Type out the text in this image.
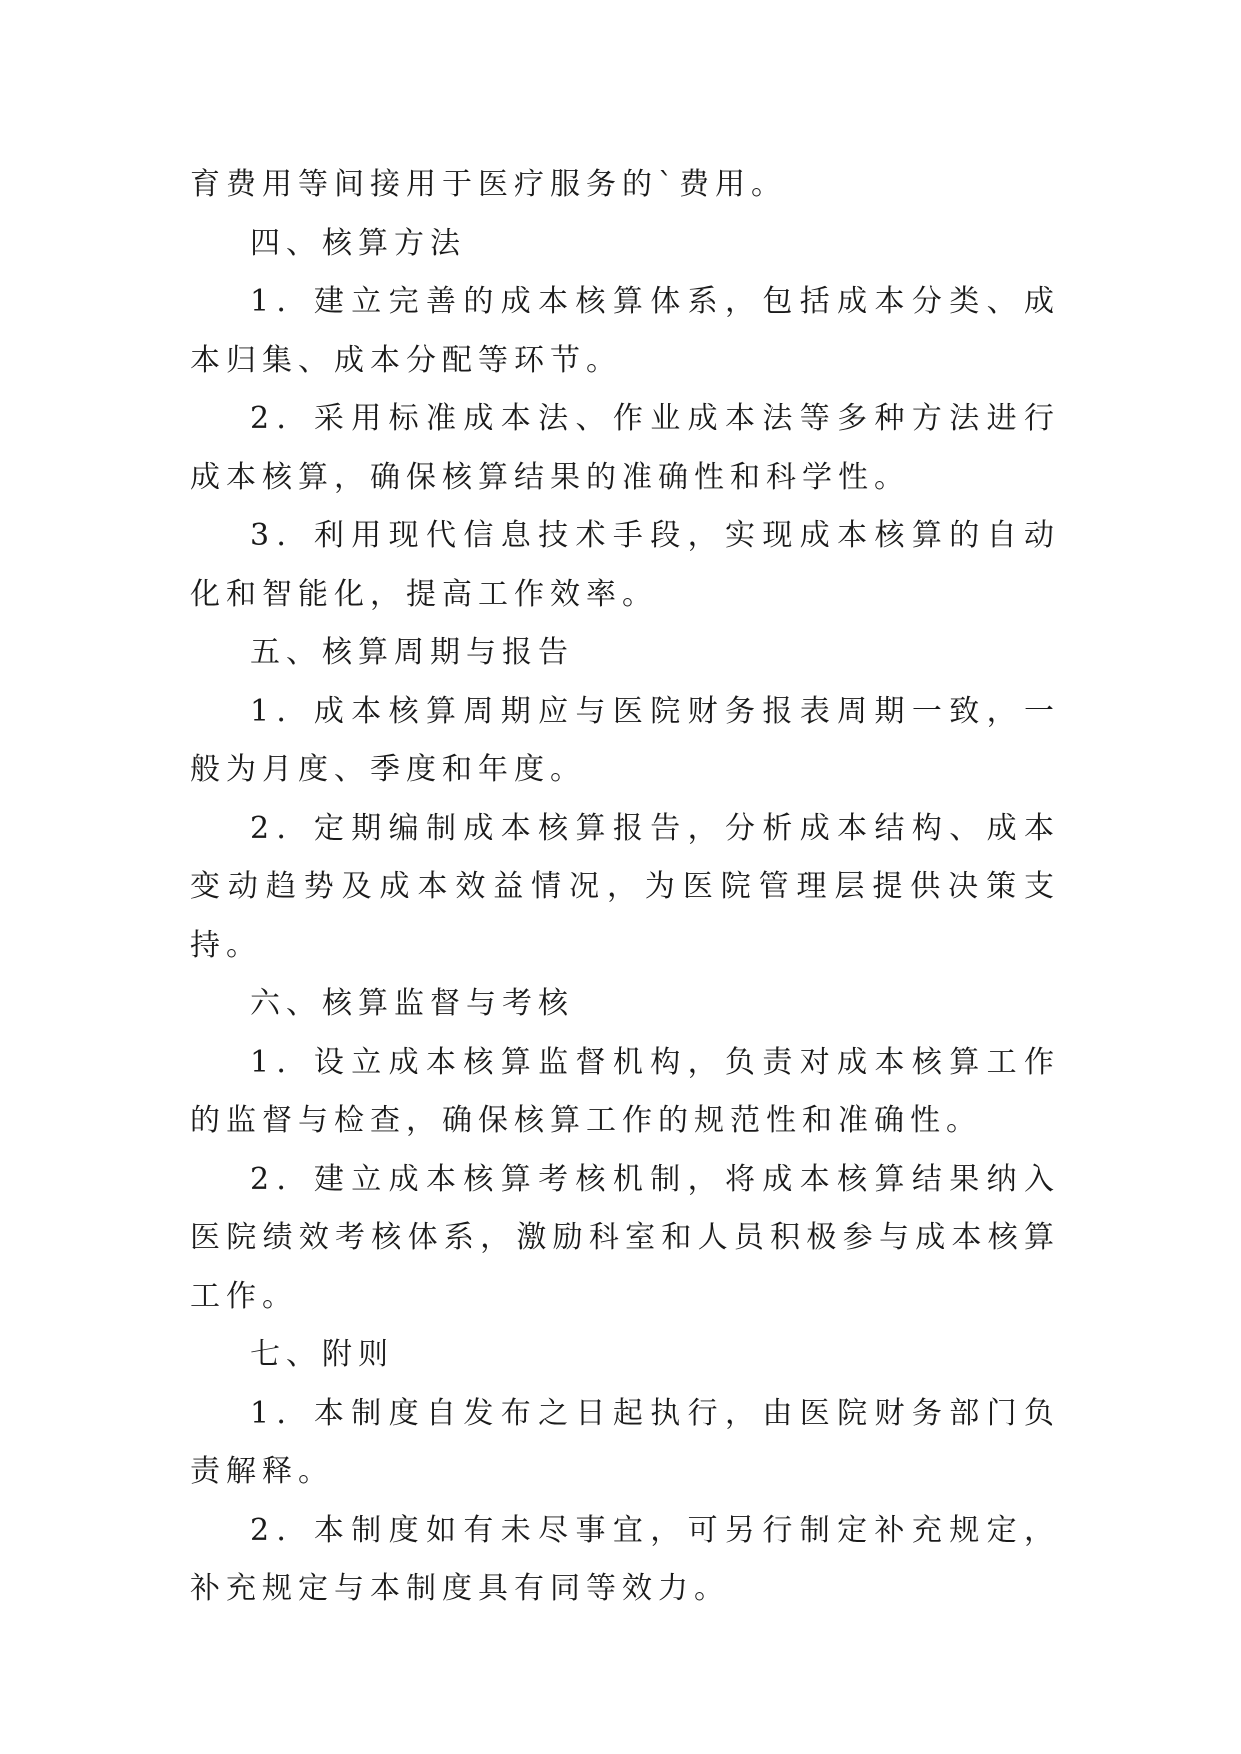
育费用等间接用于医疗服务的`费用。

四、核算方法

1．建立完善的成本核算体系，包括成本分类、成本归集、成本分配等环节。

2．采用标准成本法、作业成本法等多种方法进行成本核算，确保核算结果的准确性和科学性。

3．利用现代信息技术手段，实现成本核算的自动化和智能化，提高工作效率。

五、核算周期与报告

1．成本核算周期应与医院财务报表周期一致，一般为月度、季度和年度。

2．定期编制成本核算报告，分析成本结构、成本变动趋势及成本效益情况，为医院管理层提供决策支持。

六、核算监督与考核

1．设立成本核算监督机构，负责对成本核算工作的监督与检查，确保核算工作的规范性和准确性。

2．建立成本核算考核机制，将成本核算结果纳入医院绩效考核体系，激励科室和人员积极参与成本核算工作。

七、附则

1．本制度自发布之日起执行，由医院财务部门负责解释。

2．本制度如有未尽事宜，可另行制定补充规定，补充规定与本制度具有同等效力。
